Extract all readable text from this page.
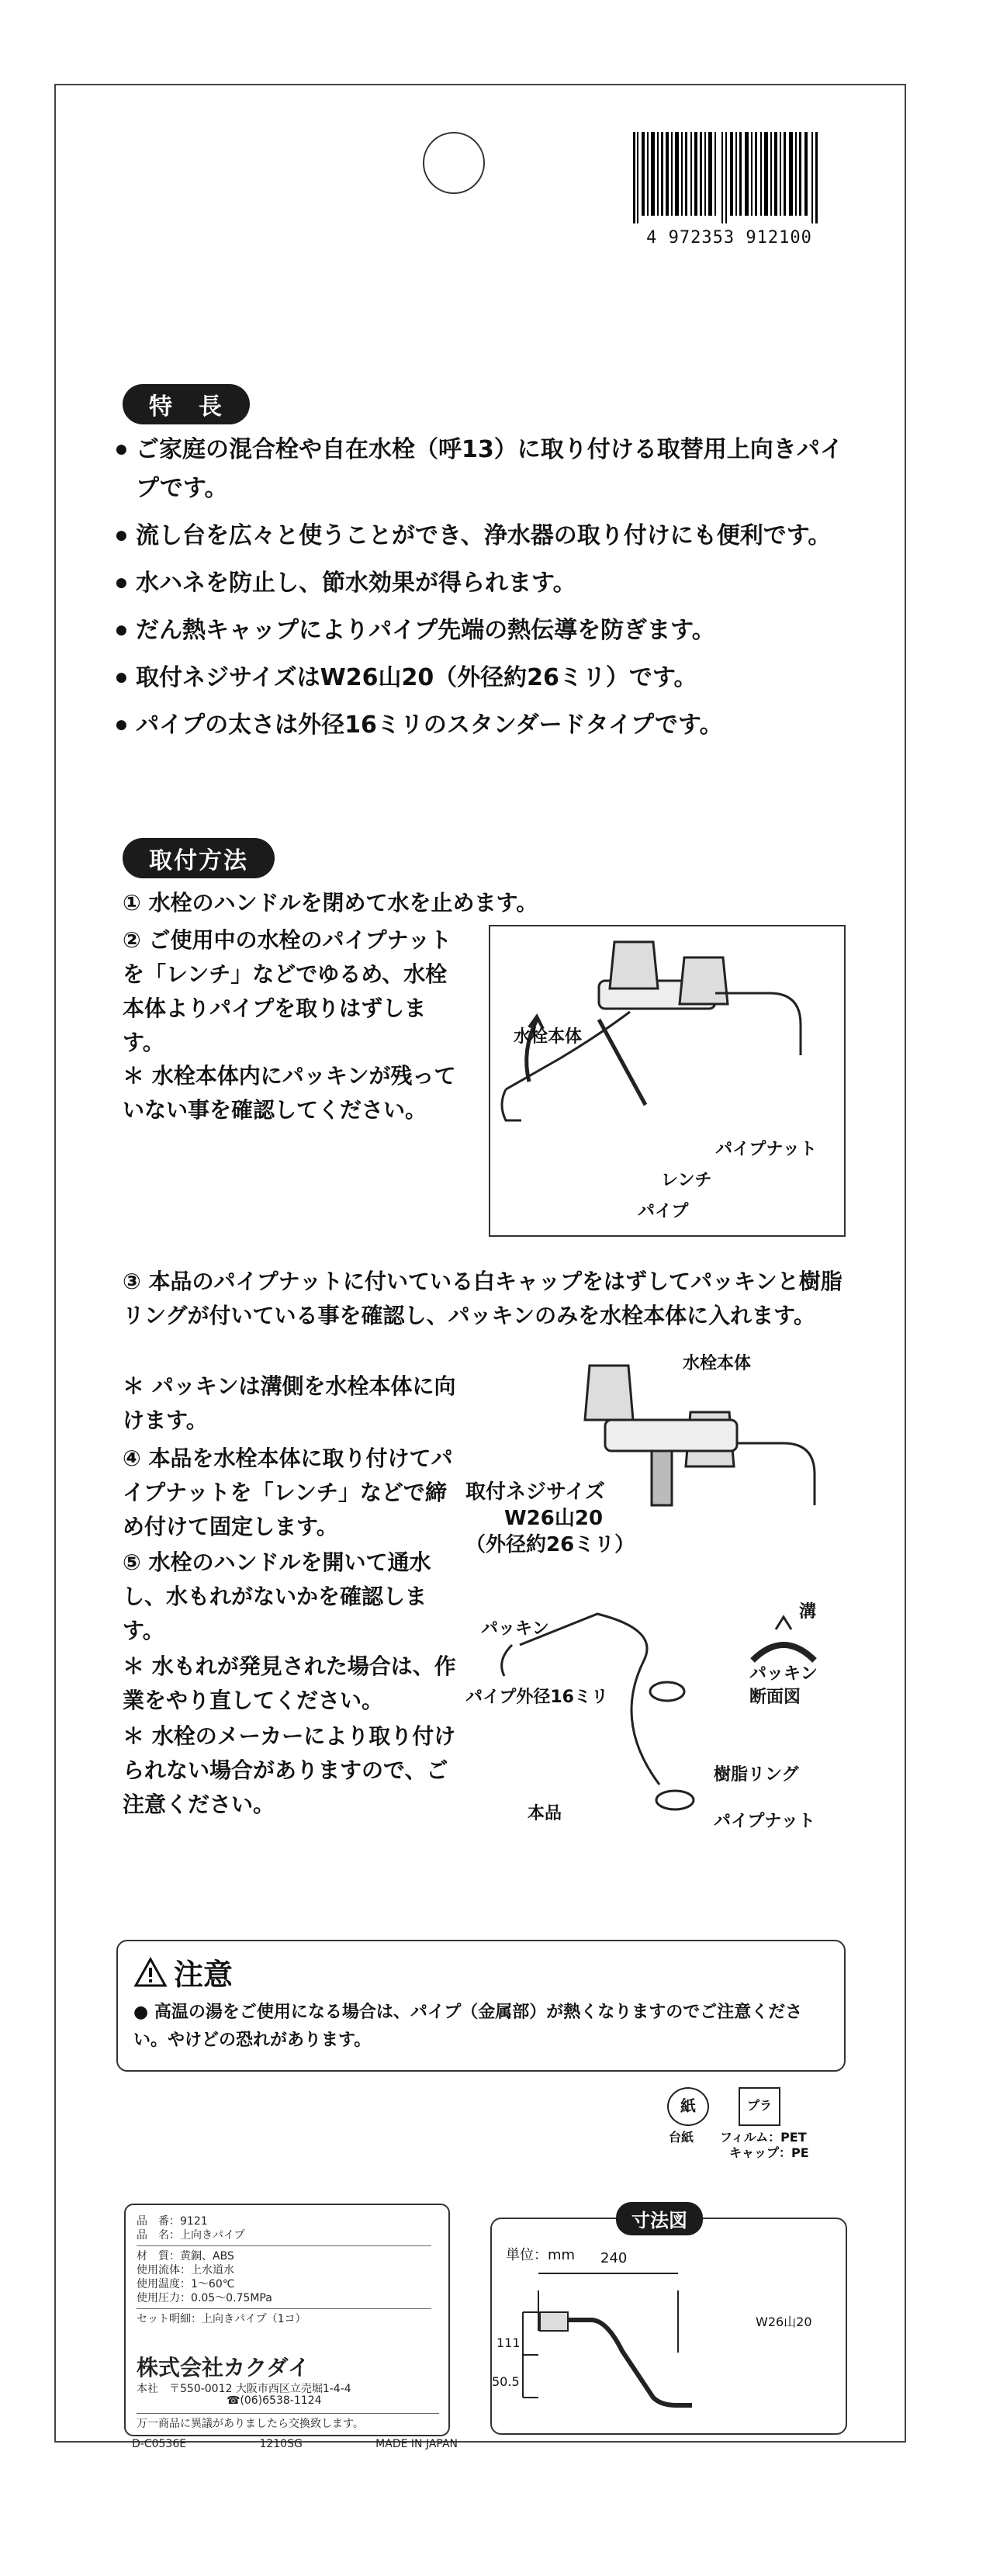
4 972353 912100
特　長
● ご家庭の混合栓や自在水栓（呼13）に取り付ける取替用上向きパイプです。
● 流し台を広々と使うことができ、浄水器の取り付けにも便利です。
● 水ハネを防止し、節水効果が得られます。
● だん熱キャップによりパイプ先端の熱伝導を防ぎます。
● 取付ネジサイズはW26山20（外径約26ミリ）です。
● パイプの太さは外径16ミリのスタンダードタイプです。
取付方法
① 水栓のハンドルを閉めて水を止めます。
② ご使用中の水栓のパイプナットを「レンチ」などでゆるめ、水栓本体よりパイプを取りはずします。
＊ 水栓本体内にパッキンが残っていない事を確認してください。
水栓本体
パイプナット
レンチ
パイプ
③ 本品のパイプナットに付いている白キャップをはずしてパッキンと樹脂リングが付いている事を確認し、パッキンのみを水栓本体に入れます。
＊ パッキンは溝側を水栓本体に向けます。
④ 本品を水栓本体に取り付けてパイプナットを「レンチ」などで締め付けて固定します。
⑤ 水栓のハンドルを開いて通水し、水もれがないかを確認します。
＊ 水もれが発見された場合は、作業をやり直してください。
＊ 水栓のメーカーにより取り付けられない場合がありますので、ご注意ください。
水栓本体
取付ネジサイズ
W26山20
（外径約26ミリ）
パッキン
溝
パッキン
断面図
パイプ外径16ミリ
樹脂リング
本品	パイプナット
注意
● 高温の湯をご使用になる場合は、パイプ（金属部）が熱くなりますのでご注意ください。やけどの恐れがあります。
紙	プラ
台紙 フィルム：PET
キャップ：PE
品　番：9121
品　名：上向きパイプ
材　質：黄銅、ABS
使用流体：上水道水
使用温度：1〜60℃
使用圧力：0.05〜0.75MPa
セット明細：上向きパイプ（1コ）
株式会社カクダイ
本社　〒550-0012 大阪市西区立売堀1-4-4
☎(06)6538-1124
万一商品に異議がありましたら交換致します。
D-C0536E	1210SG	MADE IN JAPAN
寸法図
単位：mm 240
111
50.5
W26山20
